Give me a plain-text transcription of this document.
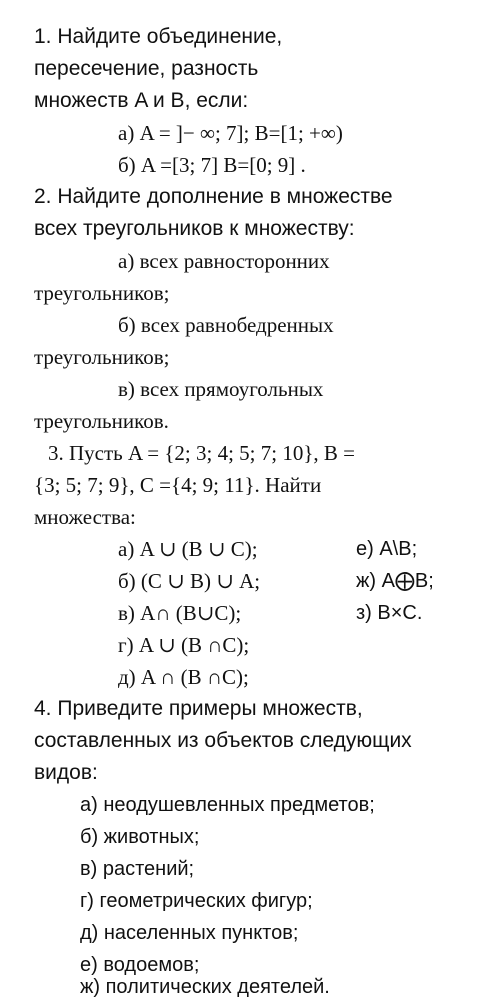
1. Найдите объединение,
пересечение, разность
множеств A и B, если:
а) A = ]− ∞; 7]; B=[1; +∞)
б) A =[3; 7] B=[0; 9] .
2. Найдите дополнение в множестве
всех треугольников к множеству:
а) всех равносторонних
треугольников;
б) всех равнобедренных
треугольников;
в) всех прямоугольных
треугольников.
3. Пусть A = {2; 3; 4; 5; 7; 10}, B =
{3; 5; 7; 9}, C ={4; 9; 11}. Найти
множества:
а) A ∪ (B ∪ C);
б) (C ∪ B) ∪ A;
в) A∩ (B∪C);
г) A ∪ (B ∩C);
д) A ∩ (B ∩C);
е) A\B;
ж) A⨁B;
з) B×C.
4. Приведите примеры множеств,
составленных из объектов следующих
видов:
а) неодушевленных предметов;
б) животных;
в) растений;
г) геометрических фигур;
д) населенных пунктов;
е) водоемов;
ж) политических деятелей.
